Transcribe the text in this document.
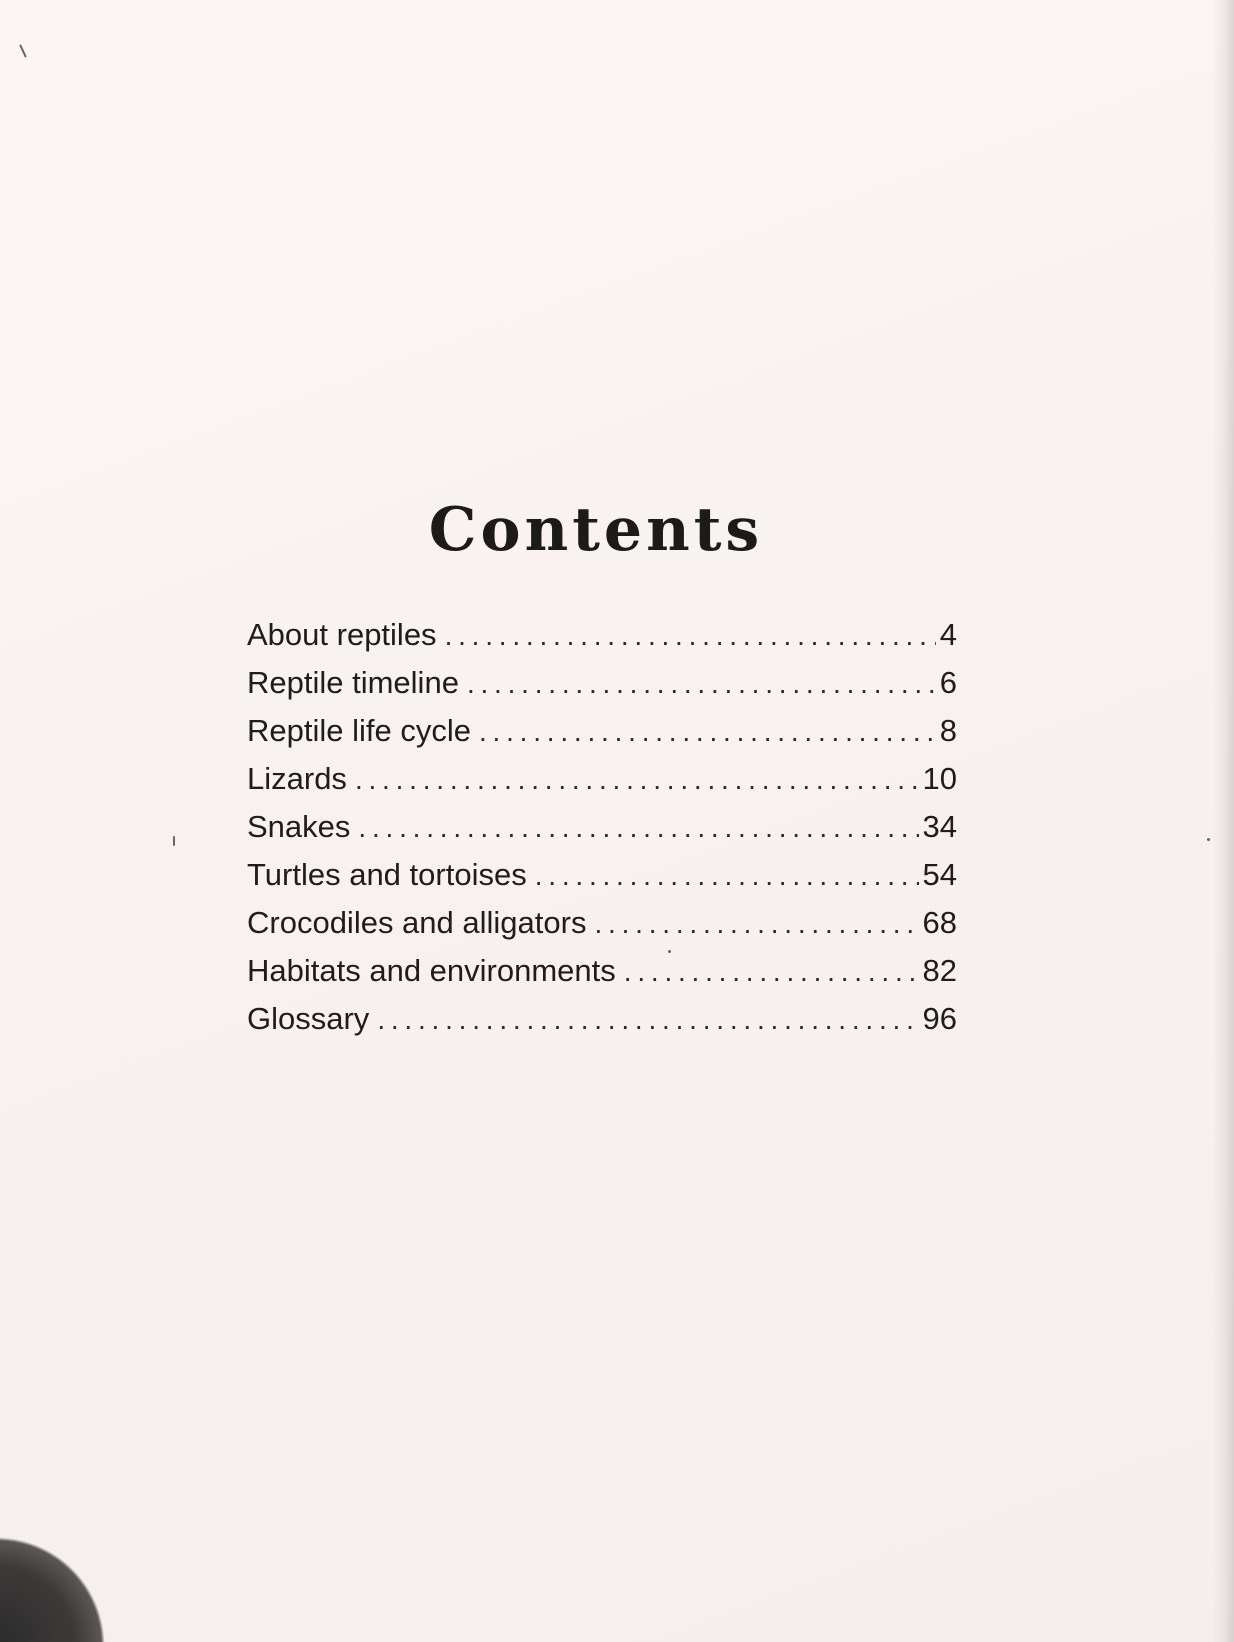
Contents
About reptiles . . .	4
Reptile timeline . . .	6
Reptile life cycle . . .	8
Lizards . . .	10
Snakes . . .	34
Turtles and tortoises . . .	54
Crocodiles and alligators . . .	68
Habitats and environments . . .	82
Glossary . . .	96
